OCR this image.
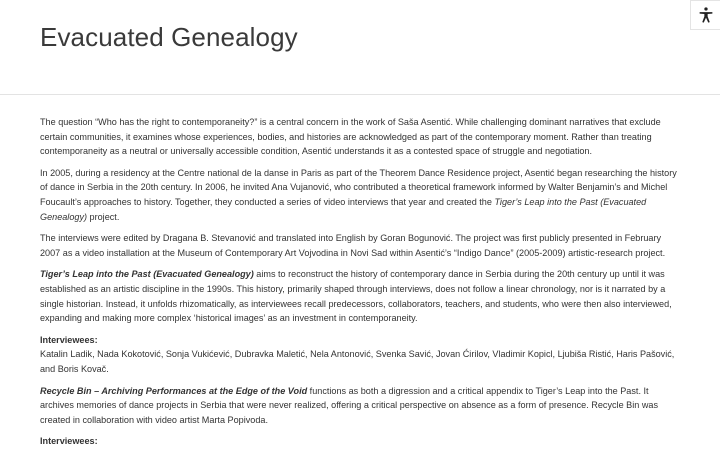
Evacuated Genealogy

The question “Who has the right to contemporaneity?” is a central concern in the work of Saša Asentić. While challenging dominant narratives that exclude certain communities, it examines whose experiences, bodies, and histories are acknowledged as part of the contemporary moment. Rather than treating contemporaneity as a neutral or universally accessible condition, Asentić understands it as a contested space of struggle and negotiation.

In 2005, during a residency at the Centre national de la danse in Paris as part of the Theorem Dance Residence project, Asentić began researching the history of dance in Serbia in the 20th century. In 2006, he invited Ana Vujanović, who contributed a theoretical framework informed by Walter Benjamin’s and Michel Foucault’s approaches to history. Together, they conducted a series of video interviews that year and created the Tiger’s Leap into the Past (Evacuated Genealogy) project.

The interviews were edited by Dragana B. Stevanović and translated into English by Goran Bogunović. The project was first publicly presented in February 2007 as a video installation at the Museum of Contemporary Art Vojvodina in Novi Sad within Asentić’s “Indigo Dance” (2005-2009) artistic-research project.

Tiger’s Leap into the Past (Evacuated Genealogy) aims to reconstruct the history of contemporary dance in Serbia during the 20th century up until it was established as an artistic discipline in the 1990s. This history, primarily shaped through interviews, does not follow a linear chronology, nor is it narrated by a single historian. Instead, it unfolds rhizomatically, as interviewees recall predecessors, collaborators, teachers, and students, who were then also interviewed, expanding and making more complex ‘historical images’ as an investment in contemporaneity.

Interviewees:
Katalin Ladik, Nada Kokotović, Sonja Vukićević, Dubravka Maletić, Nela Antonović, Svenka Savić, Jovan Ćirilov, Vladimir Kopicl, Ljubiša Ristić, Haris Pašović, and Boris Kovač.

Recycle Bin – Archiving Performances at the Edge of the Void functions as both a digression and a critical appendix to Tiger’s Leap into the Past. It archives memories of dance projects in Serbia that were never realized, offering a critical perspective on absence as a form of presence. Recycle Bin was created in collaboration with video artist Marta Popivoda.

Interviewees:
